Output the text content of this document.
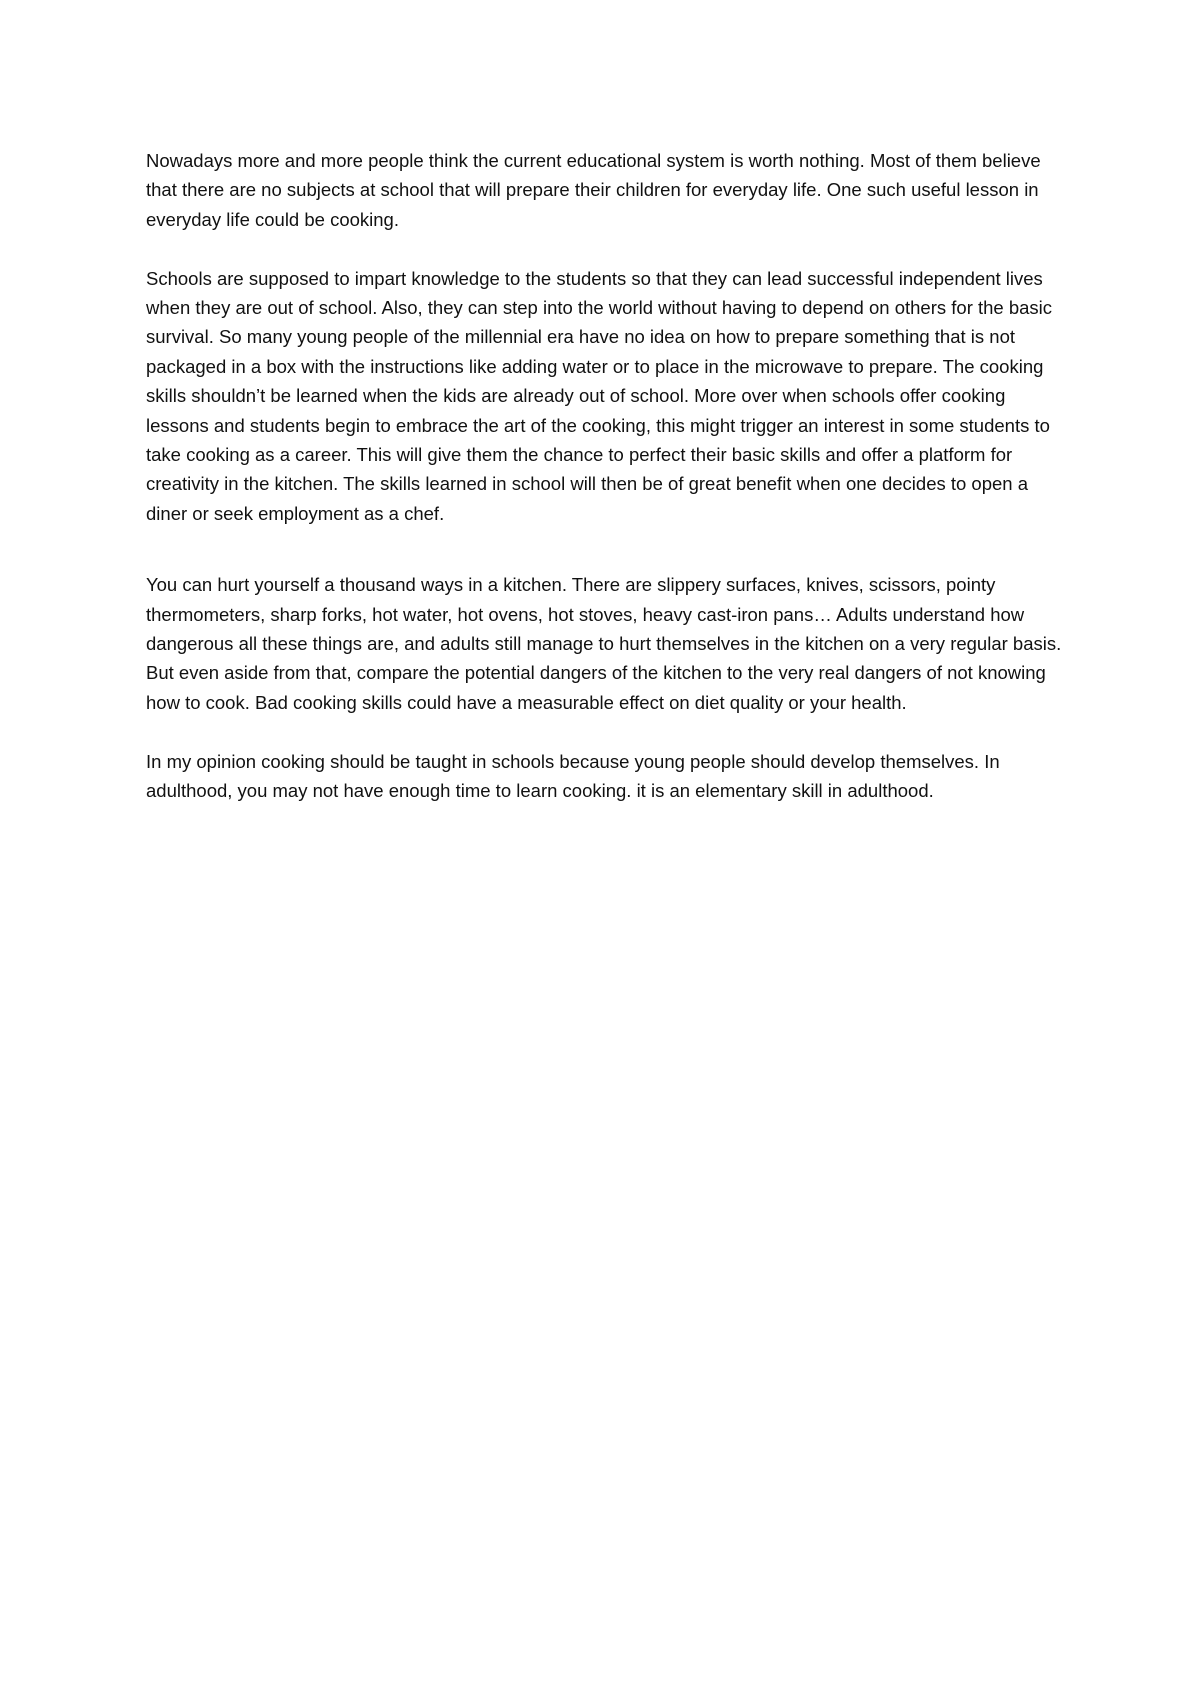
Nowadays more and more people think the current educational system is worth nothing. Most of them believe that there are no subjects at school that will prepare their children for everyday life. One such useful lesson in everyday life could be cooking.

Schools are supposed to impart knowledge to the students so that they can lead successful independent lives when they are out of school. Also, they can step into the world without having to depend on others for the basic survival. So many young people of the millennial era have no idea on how to prepare something that is not packaged in a box with the instructions like adding water or to place in the microwave to prepare. The cooking skills shouldn’t be learned when the kids are already out of school. More over when schools offer cooking lessons and students begin to embrace the art of the cooking, this might trigger an interest in some students to take cooking as a career. This will give them the chance to perfect their basic skills and offer a platform for creativity in the kitchen. The skills learned in school will then be of great benefit when one decides to open a diner or seek employment as a chef.

You can hurt yourself a thousand ways in a kitchen. There are slippery surfaces, knives, scissors, pointy thermometers, sharp forks, hot water, hot ovens, hot stoves, heavy cast-iron pans… Adults understand how dangerous all these things are, and adults still manage to hurt themselves in the kitchen on a very regular basis. But even aside from that, compare the potential dangers of the kitchen to the very real dangers of not knowing how to cook. Bad cooking skills could have a measurable effect on diet quality or your health.

In my opinion cooking should be taught in schools because young people should develop themselves. In adulthood, you may not have enough time to learn cooking. it is an elementary skill in adulthood.
